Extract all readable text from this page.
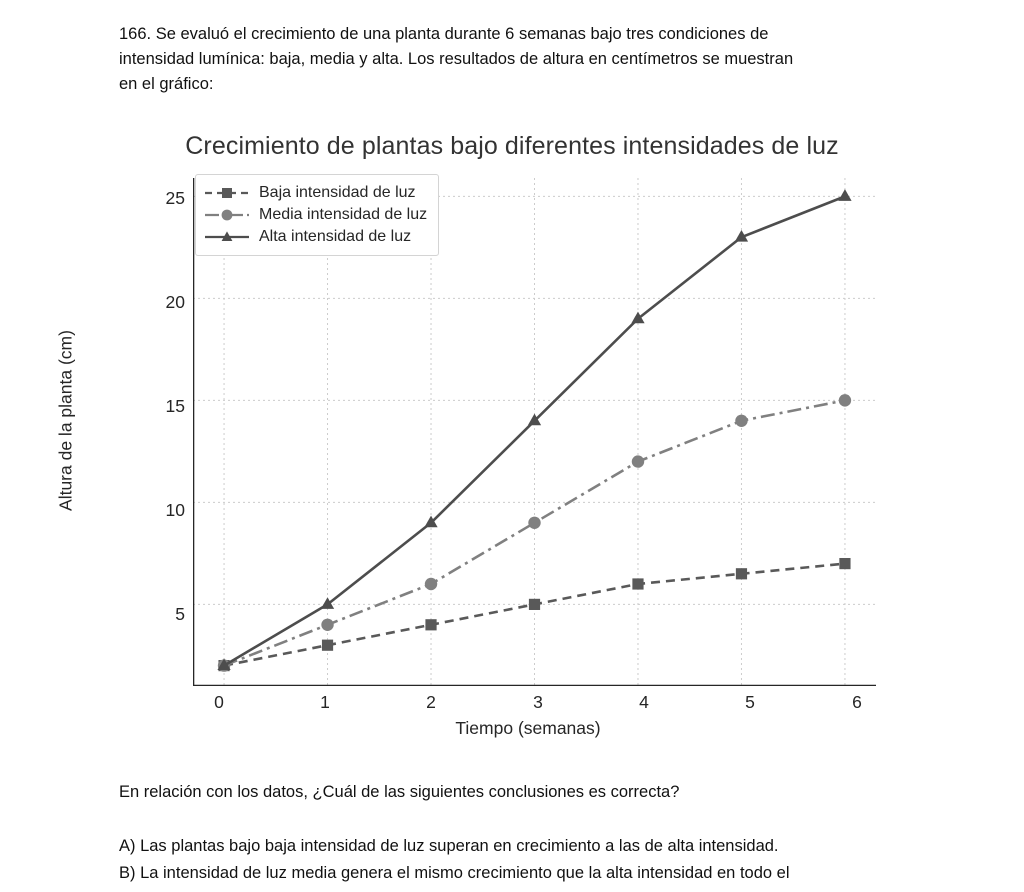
166. Se evaluó el crecimiento de una planta durante 6 semanas bajo tres condiciones de
intensidad lumínica: baja, media y alta. Los resultados de altura en centímetros se muestran
en el gráfico:
Crecimiento de plantas bajo diferentes intensidades de luz
Altura de la planta (cm)
Tiempo (semanas)
25
20
15
10
5
0	1	2	3	4	5	6
Baja intensidad de luz
Media intensidad de luz
Alta intensidad de luz
En relación con los datos, ¿Cuál de las siguientes conclusiones es correcta?
A) Las plantas bajo baja intensidad de luz superan en crecimiento a las de alta intensidad.
B) La intensidad de luz media genera el mismo crecimiento que la alta intensidad en todo el
